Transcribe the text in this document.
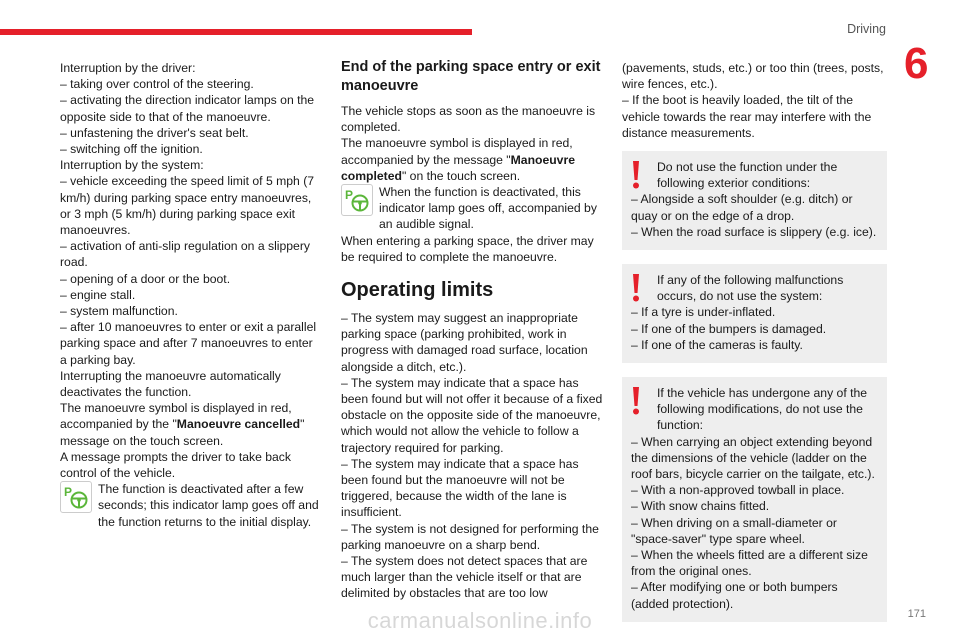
Driving
6

Interruption by the driver:

– taking over control of the steering.

– activating the direction indicator lamps on the opposite side to that of the manoeuvre.

– unfastening the driver's seat belt.

– switching off the ignition.

Interruption by the system:

– vehicle exceeding the speed limit of 5 mph (7 km/h) during parking space entry manoeuvres, or 3 mph (5 km/h) during parking space exit manoeuvres.

– activation of anti-slip regulation on a slippery road.

– opening of a door or the boot.

– engine stall.

– system malfunction.

– after 10 manoeuvres to enter or exit a parallel parking space and after 7 manoeuvres to enter a parking bay.

Interrupting the manoeuvre automatically deactivates the function.

The manoeuvre symbol is displayed in red, accompanied by the "Manoeuvre cancelled" message on the touch screen.

A message prompts the driver to take back control of the vehicle.

P The function is deactivated after a few seconds; this indicator lamp goes off and the function returns to the initial display.
End of the parking space entry or exit manoeuvre

The vehicle stops as soon as the manoeuvre is completed.

The manoeuvre symbol is displayed in red, accompanied by the message "Manoeuvre completed" on the touch screen.

P When the function is deactivated, this indicator lamp goes off, accompanied by an audible signal.

When entering a parking space, the driver may be required to complete the manoeuvre.

Operating limits

– The system may suggest an inappropriate parking space (parking prohibited, work in progress with damaged road surface, location alongside a ditch, etc.).

– The system may indicate that a space has been found but will not offer it because of a fixed obstacle on the opposite side of the manoeuvre, which would not allow the vehicle to follow a trajectory required for parking.

– The system may indicate that a space has been found but the manoeuvre will not be triggered, because the width of the lane is insufficient.

– The system is not designed for performing the parking manoeuvre on a sharp bend.

– The system does not detect spaces that are much larger than the vehicle itself or that are delimited by obstacles that are too low

(pavements, studs, etc.) or too thin (trees, posts, wire fences, etc.).

– If the boot is heavily loaded, the tilt of the vehicle towards the rear may interfere with the distance measurements.

Do not use the function under the following exterior conditions:

– Alongside a soft shoulder (e.g. ditch) or quay or on the edge of a drop.

– When the road surface is slippery (e.g. ice).

If any of the following malfunctions occurs, do not use the system:

– If a tyre is under-inflated.

– If one of the bumpers is damaged.

– If one of the cameras is faulty.

If the vehicle has undergone any of the following modifications, do not use the function:

– When carrying an object extending beyond the dimensions of the vehicle (ladder on the roof bars, bicycle carrier on the tailgate, etc.).

– With a non-approved towball in place.

– With snow chains fitted.

– When driving on a small-diameter or "space-saver" type spare wheel.

– When the wheels fitted are a different size from the original ones.

– After modifying one or both bumpers (added protection).

carmanualsonline.info	171
